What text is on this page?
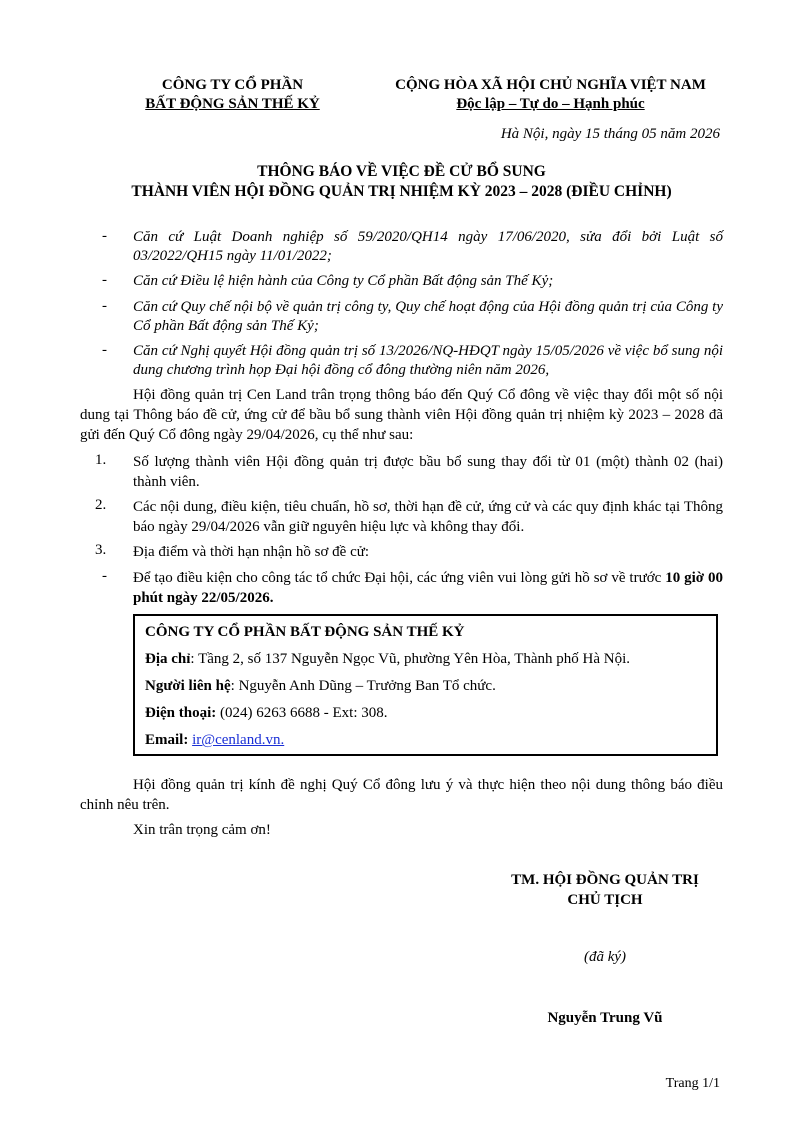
CÔNG TY CỔ PHẦN
BẤT ĐỘNG SẢN THẾ KỶ
CỘNG HÒA XÃ HỘI CHỦ NGHĨA VIỆT NAM
Độc lập – Tự do – Hạnh phúc
Hà Nội, ngày 15 tháng 05 năm 2026
THÔNG BÁO VỀ VIỆC ĐỀ CỬ BỔ SUNG
THÀNH VIÊN HỘI ĐỒNG QUẢN TRỊ NHIỆM KỲ 2023 – 2028 (ĐIỀU CHỈNH)
- Căn cứ Luật Doanh nghiệp số 59/2020/QH14 ngày 17/06/2020, sửa đổi bởi Luật số 03/2022/QH15 ngày 11/01/2022;
- Căn cứ Điều lệ hiện hành của Công ty Cổ phần Bất động sản Thế Kỷ;
- Căn cứ Quy chế nội bộ về quản trị công ty, Quy chế hoạt động của Hội đồng quản trị của Công ty Cổ phần Bất động sản Thế Kỷ;
- Căn cứ Nghị quyết Hội đồng quản trị số 13/2026/NQ-HĐQT ngày 15/05/2026 về việc bổ sung nội dung chương trình họp Đại hội đồng cổ đông thường niên năm 2026,
Hội đồng quản trị Cen Land trân trọng thông báo đến Quý Cổ đông về việc thay đổi một số nội dung tại Thông báo đề cử, ứng cử để bầu bổ sung thành viên Hội đồng quản trị nhiệm kỳ 2023 – 2028 đã gửi đến Quý Cổ đông ngày 29/04/2026, cụ thể như sau:
1. Số lượng thành viên Hội đồng quản trị được bầu bổ sung thay đổi từ 01 (một) thành 02 (hai) thành viên.
2. Các nội dung, điều kiện, tiêu chuẩn, hồ sơ, thời hạn đề cử, ứng cử và các quy định khác tại Thông báo ngày 29/04/2026 vẫn giữ nguyên hiệu lực và không thay đổi.
3. Địa điểm và thời hạn nhận hồ sơ đề cử:
- Để tạo điều kiện cho công tác tổ chức Đại hội, các ứng viên vui lòng gửi hồ sơ về trước 10 giờ 00 phút ngày 22/05/2026.
CÔNG TY CỔ PHẦN BẤT ĐỘNG SẢN THẾ KỶ
Địa chỉ: Tầng 2, số 137 Nguyễn Ngọc Vũ, phường Yên Hòa, Thành phố Hà Nội.
Người liên hệ: Nguyễn Anh Dũng – Trưởng Ban Tổ chức.
Điện thoại: (024) 6263 6688 - Ext: 308.
Email: ir@cenland.vn.
Hội đồng quản trị kính đề nghị Quý Cổ đông lưu ý và thực hiện theo nội dung thông báo điều chỉnh nêu trên.
Xin trân trọng cảm ơn!
TM. HỘI ĐỒNG QUẢN TRỊ
CHỦ TỊCH
(đã ký)
Nguyễn Trung Vũ
Trang 1/1
